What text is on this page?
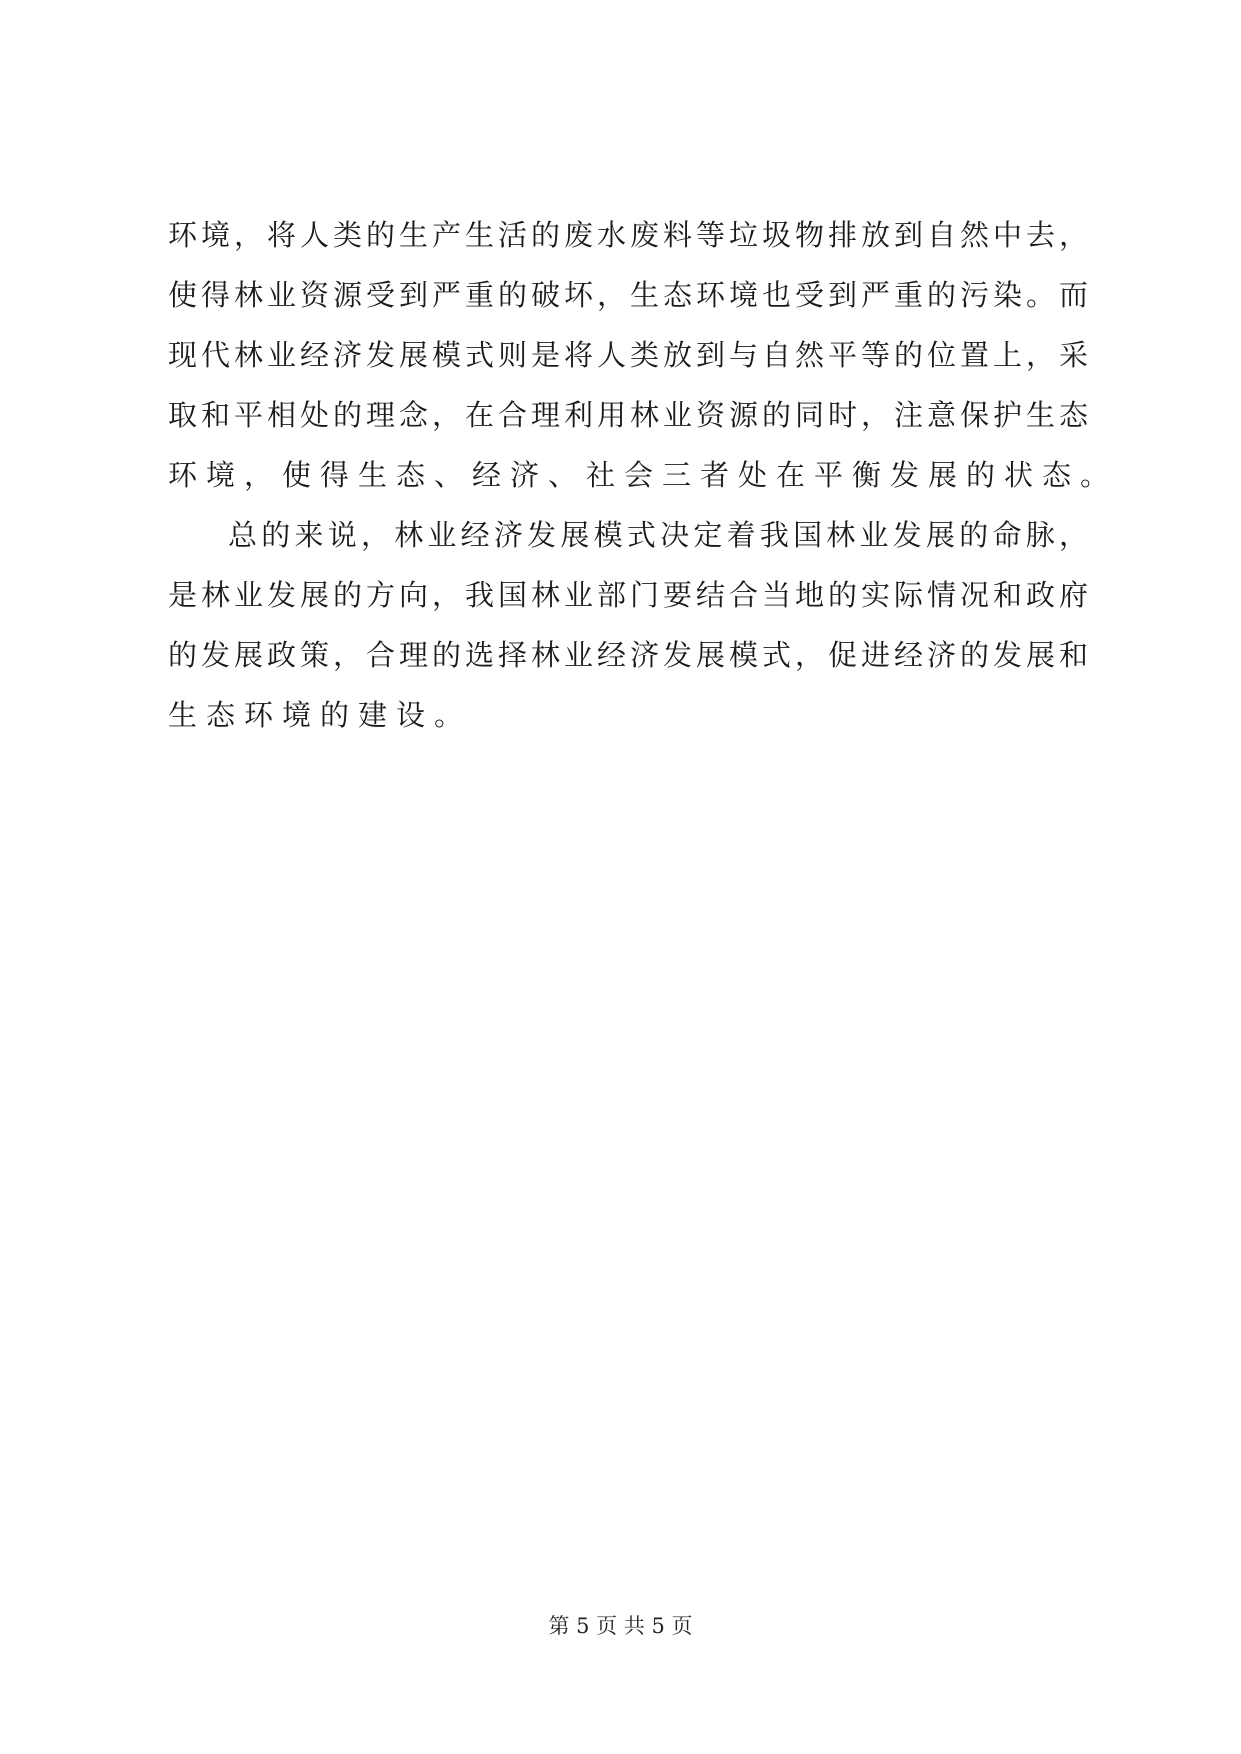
环境，将人类的生产生活的废水废料等垃圾物排放到自然中去，
使得林业资源受到严重的破坏，生态环境也受到严重的污染。而
现代林业经济发展模式则是将人类放到与自然平等的位置上，采
取和平相处的理念，在合理利用林业资源的同时，注意保护生态
环境，使得生态、经济、社会三者处在平衡发展的状态。
总的来说，林业经济发展模式决定着我国林业发展的命脉，
是林业发展的方向，我国林业部门要结合当地的实际情况和政府
的发展政策，合理的选择林业经济发展模式，促进经济的发展和
生态环境的建设。
第 5 页 共 5 页
